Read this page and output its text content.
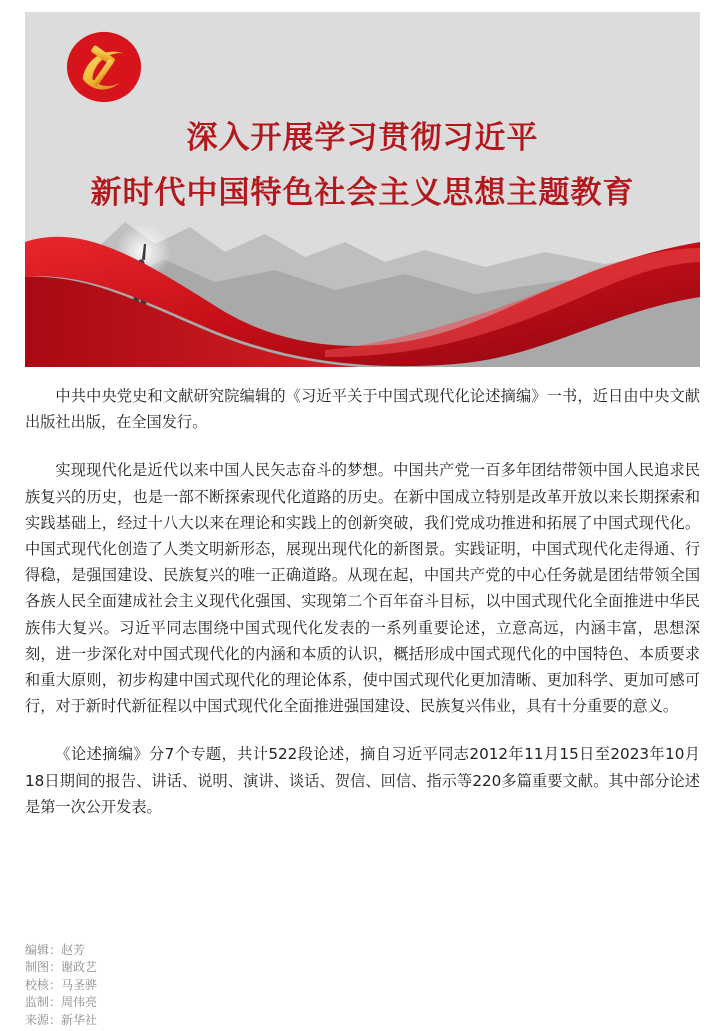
深入开展学习贯彻习近平
新时代中国特色社会主义思想主题教育

中共中央党史和文献研究院编辑的《习近平关于中国式现代化论述摘编》一书，近日由中央文献出版社出版，在全国发行。

实现现代化是近代以来中国人民矢志奋斗的梦想。中国共产党一百多年团结带领中国人民追求民族复兴的历史，也是一部不断探索现代化道路的历史。在新中国成立特别是改革开放以来长期探索和实践基础上，经过十八大以来在理论和实践上的创新突破，我们党成功推进和拓展了中国式现代化。中国式现代化创造了人类文明新形态，展现出现代化的新图景。实践证明，中国式现代化走得通、行得稳，是强国建设、民族复兴的唯一正确道路。从现在起，中国共产党的中心任务就是团结带领全国各族人民全面建成社会主义现代化强国、实现第二个百年奋斗目标，以中国式现代化全面推进中华民族伟大复兴。习近平同志围绕中国式现代化发表的一系列重要论述，立意高远，内涵丰富，思想深刻，进一步深化对中国式现代化的内涵和本质的认识，概括形成中国式现代化的中国特色、本质要求和重大原则，初步构建中国式现代化的理论体系，使中国式现代化更加清晰、更加科学、更加可感可行，对于新时代新征程以中国式现代化全面推进强国建设、民族复兴伟业，具有十分重要的意义。

《论述摘编》分7个专题，共计522段论述，摘自习近平同志2012年11月15日至2023年10月18日期间的报告、讲话、说明、演讲、谈话、贺信、回信、指示等220多篇重要文献。其中部分论述是第一次公开发表。

编辑：赵芳
制图：谢政艺
校核：马圣骅
监制：周伟亮
来源：新华社
